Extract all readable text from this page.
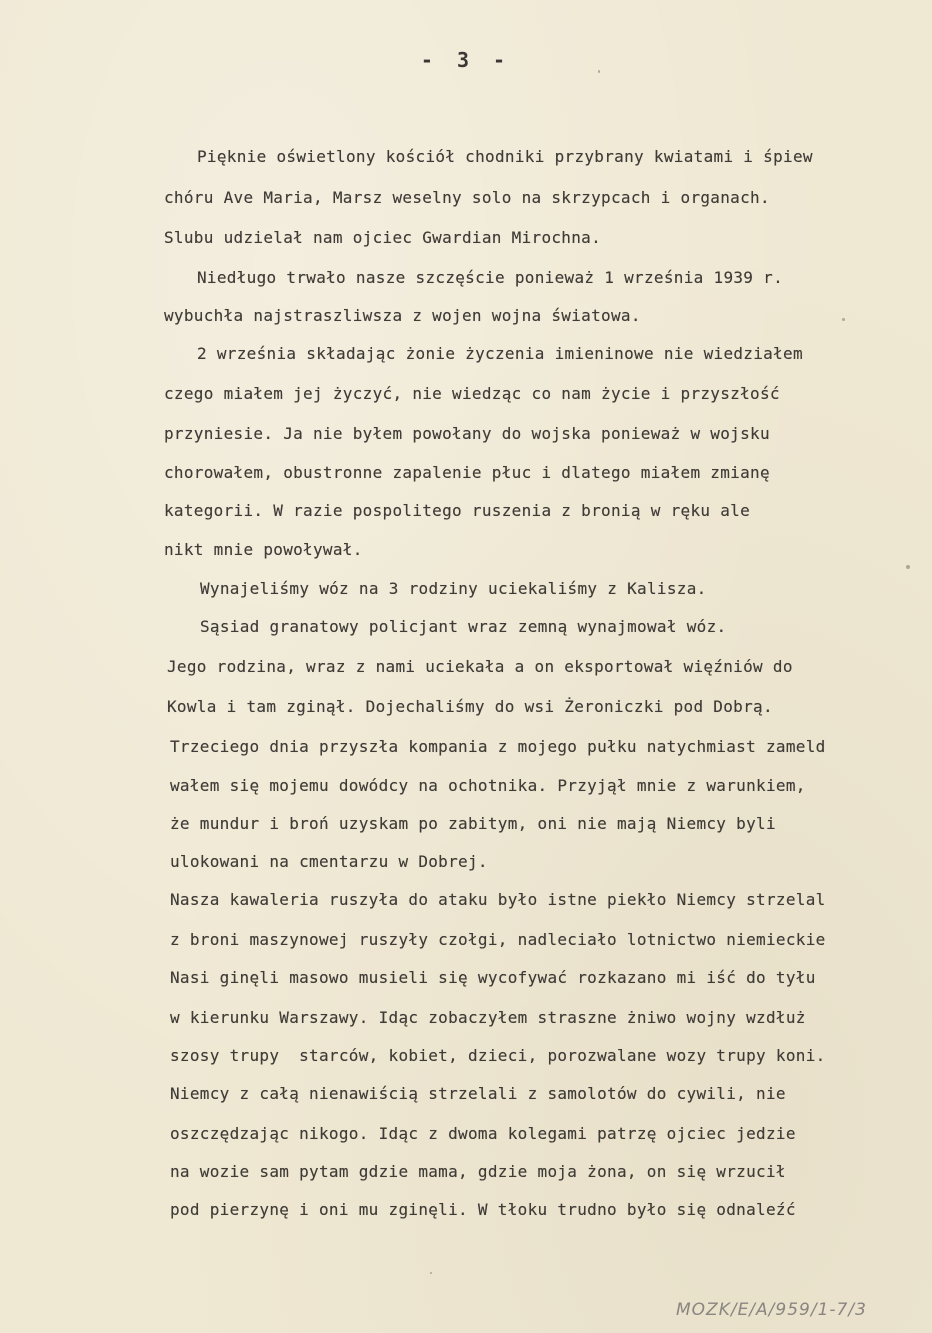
- 3 -
Pięknie oświetlony kościół chodniki przybrany kwiatami i śpiew
chóru Ave Maria, Marsz weselny solo na skrzypcach i organach.
Slubu udzielał nam ojciec Gwardian Mirochna.
Niedługo trwało nasze szczęście ponieważ 1 września 1939 r.
wybuchła najstraszliwsza z wojen wojna światowa.
2 września składając żonie życzenia imieninowe nie wiedziałem
czego miałem jej życzyć, nie wiedząc co nam życie i przyszłość
przyniesie. Ja nie byłem powołany do wojska ponieważ w wojsku
chorowałem, obustronne zapalenie płuc i dlatego miałem zmianę
kategorii. W razie pospolitego ruszenia z bronią w ręku ale
nikt mnie powoływał.
Wynajeliśmy wóz na 3 rodziny uciekaliśmy z Kalisza.
Sąsiad granatowy policjant wraz zemną wynajmował wóz.
Jego rodzina, wraz z nami uciekała a on eksportował więźniów do
Kowla i tam zginął. Dojechaliśmy do wsi Żeroniczki pod Dobrą.
Trzeciego dnia przyszła kompania z mojego pułku natychmiast zameld
wałem się mojemu dowódcy na ochotnika. Przyjął mnie z warunkiem,
że mundur i broń uzyskam po zabitym, oni nie mają Niemcy byli
ulokowani na cmentarzu w Dobrej.
Nasza kawaleria ruszyła do ataku było istne piekło Niemcy strzelal
z broni maszynowej ruszyły czołgi, nadleciało lotnictwo niemieckie
Nasi ginęli masowo musieli się wycofywać rozkazano mi iść do tyłu
w kierunku Warszawy. Idąc zobaczyłem straszne żniwo wojny wzdłuż
szosy trupy  starców, kobiet, dzieci, porozwalane wozy trupy koni.
Niemcy z całą nienawiścią strzelali z samolotów do cywili, nie
oszczędzając nikogo. Idąc z dwoma kolegami patrzę ojciec jedzie
na wozie sam pytam gdzie mama, gdzie moja żona, on się wrzucił
pod pierzynę i oni mu zginęli. W tłoku trudno było się odnaleźć
MOZK/E/A/959/1-7/3
